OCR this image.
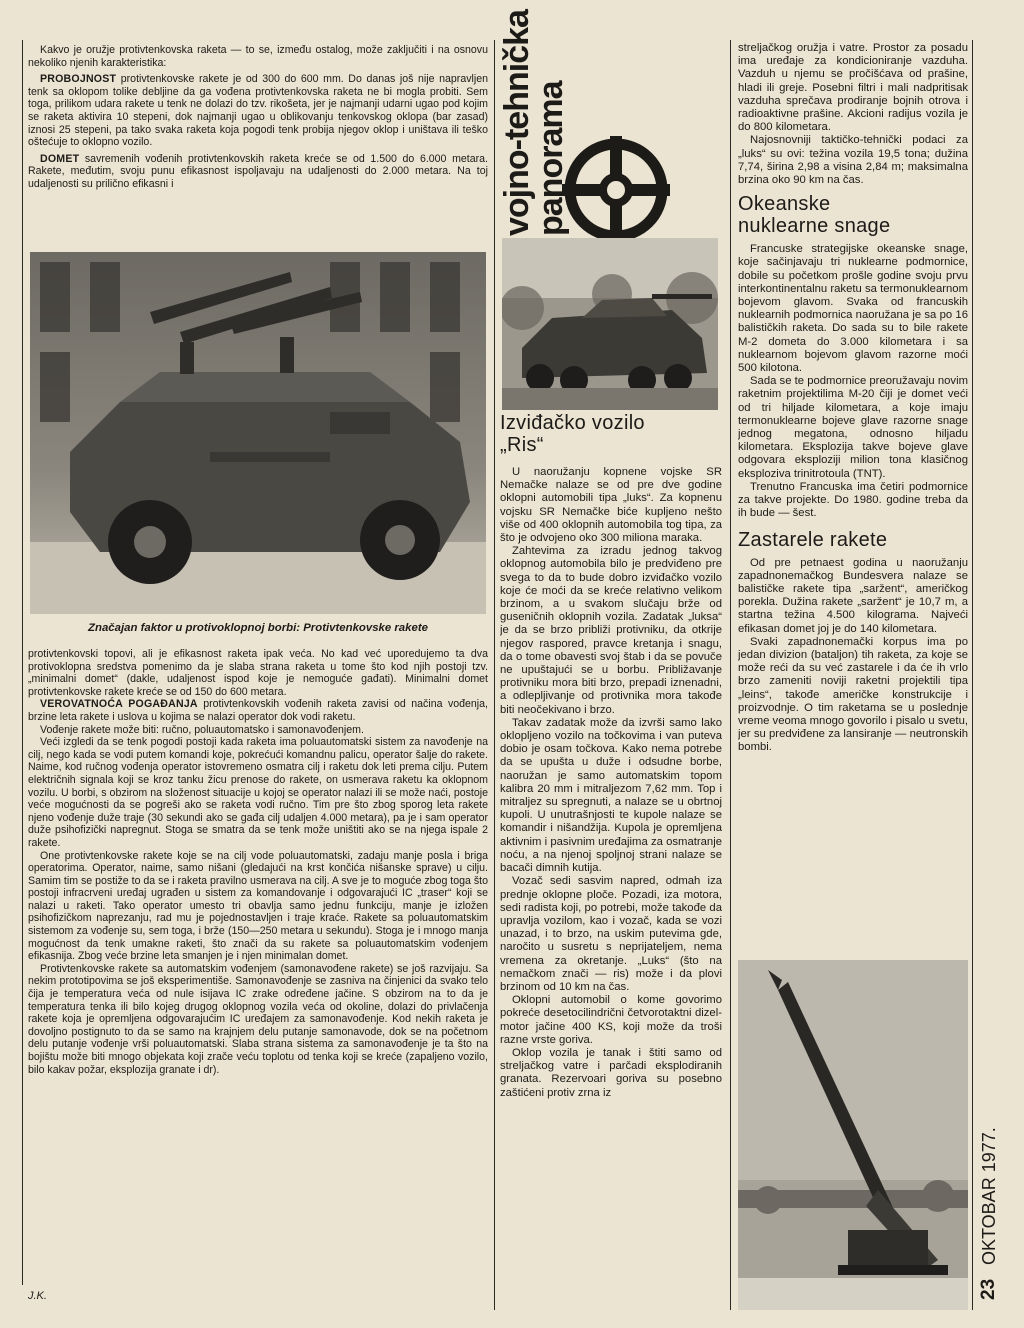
Kakvo je oružje protivtenkovska raketa — to se, između ostalog, može zaključiti i na osnovu nekoliko njenih karakteristika:

PROBOJNOST protivtenkovske rakete je od 300 do 600 mm. Do danas još nije napravljen tenk sa oklopom tolike debljine da ga vođena protivtenkovska raketa ne bi mogla probiti. Sem toga, prilikom udara rakete u tenk ne dolazi do tzv. rikošeta, jer je najmanji udarni ugao pod kojim se raketa aktivira 10 stepeni, dok najmanji ugao u oblikovanju tenkovskog oklopa (bar zasad) iznosi 25 stepeni, pa tako svaka raketa koja pogodi tenk probija njegov oklop i uništava ili teško oštećuje to oklopno vozilo.

DOMET savremenih vođenih protivtenkovskih raketa kreće se od 1.500 do 6.000 metara. Rakete, međutim, svoju punu efikasnost ispoljavaju na udaljenosti do 2.000 metara. Na toj udaljenosti su prilično efikasni i

Značajan faktor u protivoklopnoj borbi: Protivtenkovske rakete

protivtenkovski topovi, ali je efikasnost raketa ipak veća. No kad već uporedujemo ta dva protivoklopna sredstva pomenimo da je slaba strana raketa u tome što kod njih postoji tzv. „minimalni domet“ (dakle, udaljenost ispod koje je nemoguće gađati). Minimalni domet protivtenkovske rakete kreće se od 150 do 600 metara.

VEROVATNOĆA POGAĐANJA protivtenkovskih vođenih raketa zavisi od načina vođenja, brzine leta rakete i uslova u kojima se nalazi operator dok vodi raketu.

Vođenje rakete može biti: ručno, poluautomatsko i samonavođenjem.

Veći izgledi da se tenk pogodi postoji kada raketa ima poluautomatski sistem za navođenje na cilj, nego kada se vodi putem komandi koje, pokrećući komandnu palicu, operator šalje do rakete. Naime, kod ručnog vođenja operator istovremeno osmatra cilj i raketu dok leti prema cilju. Putem električnih signala koji se kroz tanku žicu prenose do rakete, on usmerava raketu ka oklopnom vozilu. U borbi, s obzirom na složenost situacije u kojoj se operator nalazi ili se može naći, postoje veće mogućnosti da se pogreši ako se raketa vodi ručno. Tim pre što zbog sporog leta rakete njeno vođenje duže traje (30 sekundi ako se gađa cilj udaljen 4.000 metara), pa je i sam operator duže psihofizički napregnut. Stoga se smatra da se tenk može uništiti ako se na njega ispale 2 rakete.

One protivtenkovske rakete koje se na cilj vode poluautomatski, zadaju manje posla i briga operatorima. Operator, naime, samo nišani (gledajući na krst končića nišanske sprave) u cilju. Samim tim se postiže to da se i raketa pravilno usmerava na cilj. A sve je to moguće zbog toga što postoji infracrveni uređaj ugrađen u sistem za komandovanje i odgovarajući IC „traser“ koji se nalazi u raketi. Tako operator umesto tri obavlja samo jednu funkciju, manje je izložen psihofizičkom naprezanju, rad mu je pojednostavljen i traje kraće. Rakete sa poluautomatskim sistemom za vođenje su, sem toga, i brže (150—250 metara u sekundu). Stoga je i mnogo manja mogućnost da tenk umakne raketi, što znači da su rakete sa poluautomatskim vođenjem efikasnija. Zbog veće brzine leta smanjen je i njen minimalan domet.

Protivtenkovske rakete sa automatskim vođenjem (samonavođene rakete) se još razvijaju. Sa nekim prototipovima se još eksperimentiše. Samonavođenje se zasniva na činjenici da svako telo čija je temperatura veća od nule isijava IC zrake određene jačine. S obzirom na to da je temperatura tenka ili bilo kojeg drugog oklopnog vozila veća od okoline, dolazi do privlačenja rakete koja je opremljena odgovarajućim IC uređajem za samonavođenje. Kod nekih raketa je dovoljno postignuto to da se samo na krajnjem delu putanje samonavode, dok se na početnom delu putanje vođenje vrši poluautomatski. Slaba strana sistema za samonavođenje je ta što na bojištu može biti mnogo objekata koji zrače veću toplotu od tenka koji se kreće (zapaljeno vozilo, bilo kakav požar, eksplozija granate i dr).

J.K.
vojno-tehnička
panorama
Izviđačko vozilo
„Ris“

U naoružanju kopnene vojske SR Nemačke nalaze se od pre dve godine oklopni automobili tipa „luks“. Za kopnenu vojsku SR Nemačke biće kupljeno nešto više od 400 oklopnih automobila tog tipa, za što je odvojeno oko 300 miliona maraka.

Zahtevima za izradu jednog takvog oklopnog automobila bilo je predviđeno pre svega to da to bude dobro izviđačko vozilo koje će moći da se kreće relativno velikom brzinom, a u svakom slučaju brže od guseničnih oklopnih vozila. Zadatak „luksa“ je da se brzo približi protivniku, da otkrije njegov raspored, pravce kretanja i snagu, da o tome obavesti svoj štab i da se povuče ne upuštajući se u borbu. Približavanje protivniku mora biti brzo, prepadi iznenadni, a odlepljivanje od protivnika mora takođe biti neočekivano i brzo.

Takav zadatak može da izvrši samo lako oklopljeno vozilo na točkovima i van puteva dobio je osam točkova. Kako nema potrebe da se upušta u duže i odsudne borbe, naoružan je samo automatskim topom kalibra 20 mm i mitraljezom 7,62 mm. Top i mitraljez su spregnuti, a nalaze se u obrtnoj kupoli. U unutrašnjosti te kupole nalaze se komandir i nišandžija. Kupola je opremljena aktivnim i pasivnim uređajima za osmatranje noću, a na njenoj spoljnoj strani nalaze se bacači dimnih kutija.

Vozač sedi sasvim napred, odmah iza prednje oklopne ploče. Pozadi, iza motora, sedi radista koji, po potrebi, može takođe da upravlja vozilom, kao i vozač, kada se vozi unazad, i to brzo, na uskim putevima gde, naročito u susretu s neprijateljem, nema vremena za okretanje. „Luks“ (što na nemačkom znači — ris) može i da plovi brzinom od 10 km na čas.

Oklopni automobil o kome govorimo pokreće desetocilindrični četvorotaktni dizel-motor jačine 400 KS, koji može da troši razne vrste goriva.

Oklop vozila je tanak i štiti samo od streljačkog vatre i parčadi eksplodiranih granata. Rezervoari goriva su posebno zaštićeni protiv zrna iz

streljačkog oružja i vatre. Prostor za posadu ima uređaje za kondicioniranje vazduha. Vazduh u njemu se pročišćava od prašine, hladi ili greje. Posebni filtri i mali nadpritisak vazduha sprečava prodiranje bojnih otrova i radioaktivne prašine. Akcioni radijus vozila je do 800 kilometara.

Najosnovniji taktičko-tehnički podaci za „luks“ su ovi: težina vozila 19,5 tona; dužina 7,74, širina 2,98 a visina 2,84 m; maksimalna brzina oko 90 km na čas.

Okeanske
nuklearne snage

Francuske strategijske okeanske snage, koje sačinjavaju tri nuklearne podmornice, dobile su početkom prošle godine svoju prvu interkontinentalnu raketu sa termonuklearnom bojevom glavom. Svaka od francuskih nuklearnih podmornica naoružana je sa po 16 balističkih raketa. Do sada su to bile rakete M-2 dometa do 3.000 kilometara i sa nuklearnom bojevom glavom razorne moći 500 kilotona.

Sada se te podmornice preoružavaju novim raketnim projektilima M-20 čiji je domet veći od tri hiljade kilometara, a koje imaju termonuklearne bojeve glave razorne snage jednog megatona, odnosno hiljadu kilometara. Eksplozija takve bojeve glave odgovara eksploziji milion tona klasičnog eksploziva trinitrotoula (TNT).

Trenutno Francuska ima četiri podmornice za takve projekte. Do 1980. godine treba da ih bude — šest.

Zastarele rakete

Od pre petnaest godina u naoružanju zapadnonemačkog Bundesvera nalaze se balističke rakete tipa „saržent“, američkog porekla. Dužina rakete „saržent“ je 10,7 m, a startna težina 4.500 kilograma. Najveći efikasan domet joj je do 140 kilometara.

Svaki zapadnonemački korpus ima po jedan divizion (bataljon) tih raketa, za koje se može reći da su već zastarele i da će ih vrlo brzo zameniti noviji raketni projektili tipa „leins“, takođe američke konstrukcije i proizvodnje. O tim raketama se u poslednje vreme veoma mnogo govorilo i pisalo u svetu, jer su predviđene za lansiranje — neutronskih bombi.

OKTOBAR 1977.
23
